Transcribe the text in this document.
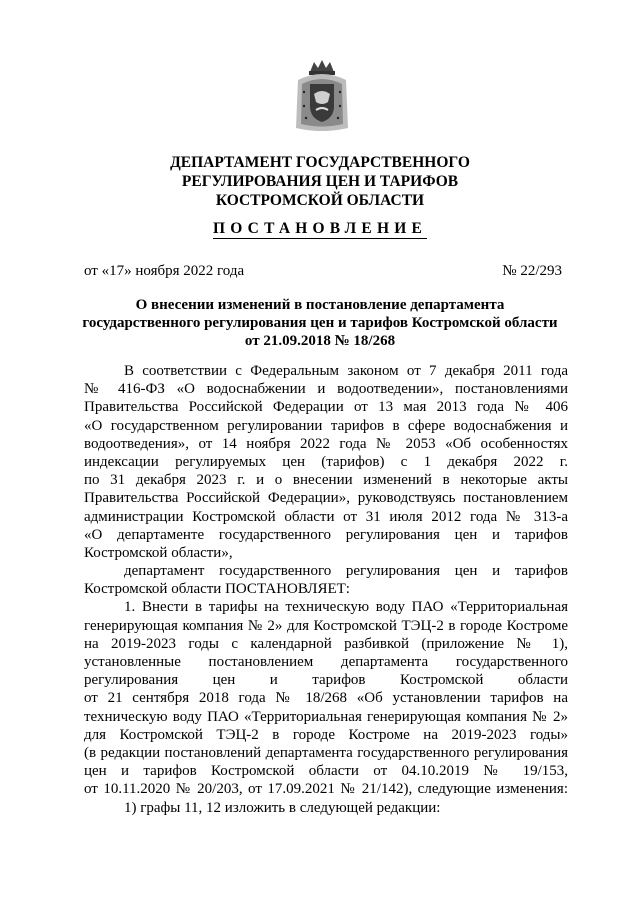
ДЕПАРТАМЕНТ ГОСУДАРСТВЕННОГО
РЕГУЛИРОВАНИЯ ЦЕН И ТАРИФОВ
КОСТРОМСКОЙ ОБЛАСТИ
ПОСТАНОВЛЕНИЕ
от «17» ноября 2022 года	№ 22/293
О внесении изменений в постановление департамента
государственного регулирования цен и тарифов Костромской области
от 21.09.2018 № 18/268
В соответствии с Федеральным законом от 7 декабря 2011 года
№ 416-ФЗ «О водоснабжении и водоотведении», постановлениями
Правительства Российской Федерации от 13 мая 2013 года № 406
«О государственном регулировании тарифов в сфере водоснабжения и
водоотведения», от 14 ноября 2022 года № 2053 «Об особенностях
индексации регулируемых цен (тарифов) с 1 декабря 2022 г.
по 31 декабря 2023 г. и о внесении изменений в некоторые акты
Правительства Российской Федерации», руководствуясь постановлением
администрации Костромской области от 31 июля 2012 года № 313-а
«О департаменте государственного регулирования цен и тарифов
Костромской области»,
департамент государственного регулирования цен и тарифов
Костромской области ПОСТАНОВЛЯЕТ:
1. Внести в тарифы на техническую воду ПАО «Территориальная
генерирующая компания № 2» для Костромской ТЭЦ-2 в городе Костроме
на 2019-2023 годы с календарной разбивкой (приложение № 1),
установленные постановлением департамента государственного
регулирования цен и тарифов Костромской области
от 21 сентября 2018 года № 18/268 «Об установлении тарифов на
техническую воду ПАО «Территориальная генерирующая компания № 2»
для Костромской ТЭЦ-2 в городе Костроме на 2019-2023 годы»
(в редакции постановлений департамента государственного регулирования
цен и тарифов Костромской области от 04.10.2019 № 19/153,
от 10.11.2020 № 20/203, от 17.09.2021 № 21/142), следующие изменения:
1) графы 11, 12 изложить в следующей редакции:
